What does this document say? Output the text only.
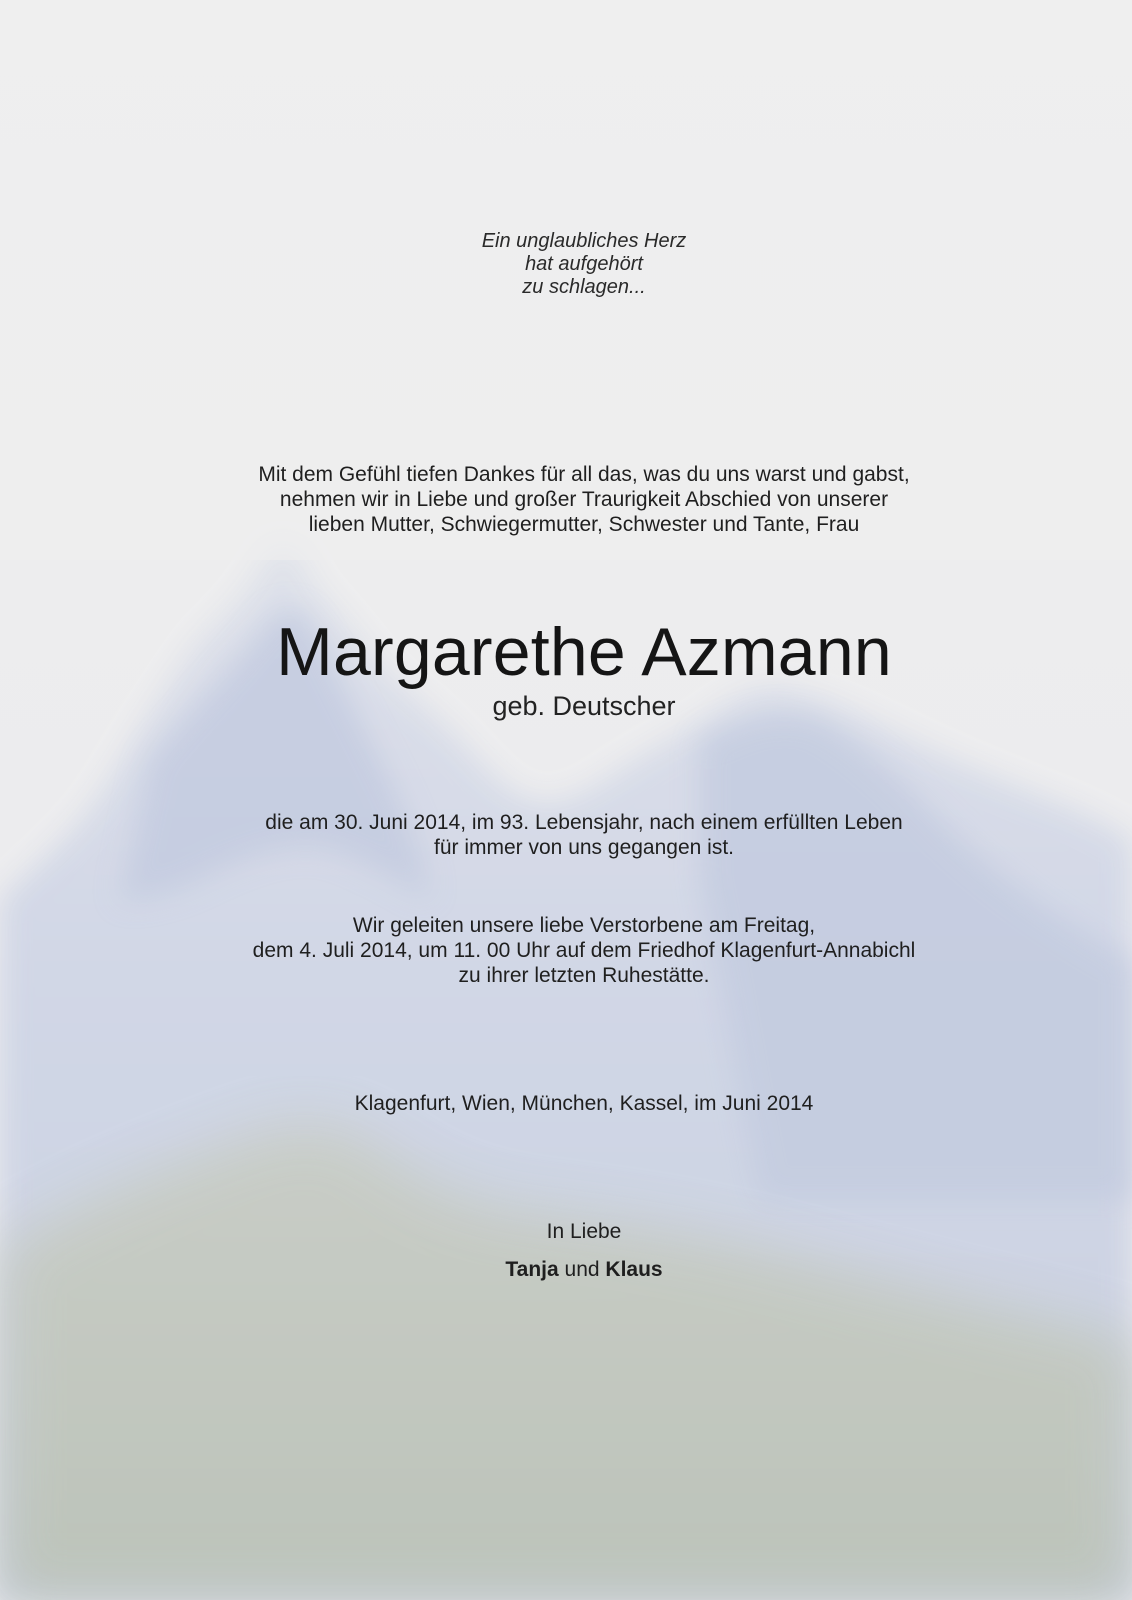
Ein unglaubliches Herz
hat aufgehört
zu schlagen...
Mit dem Gefühl tiefen Dankes für all das, was du uns warst und gabst,
nehmen wir in Liebe und großer Traurigkeit Abschied von unserer
lieben Mutter, Schwiegermutter, Schwester und Tante, Frau
Margarethe Azmann
geb. Deutscher
die am 30. Juni 2014, im 93. Lebensjahr, nach einem erfüllten Leben
für immer von uns gegangen ist.
Wir geleiten unsere liebe Verstorbene am Freitag,
dem 4. Juli 2014, um 11. 00 Uhr auf dem Friedhof Klagenfurt-Annabichl
zu ihrer letzten Ruhestätte.
Klagenfurt, Wien, München, Kassel, im Juni 2014
In Liebe
Tanja und Klaus
